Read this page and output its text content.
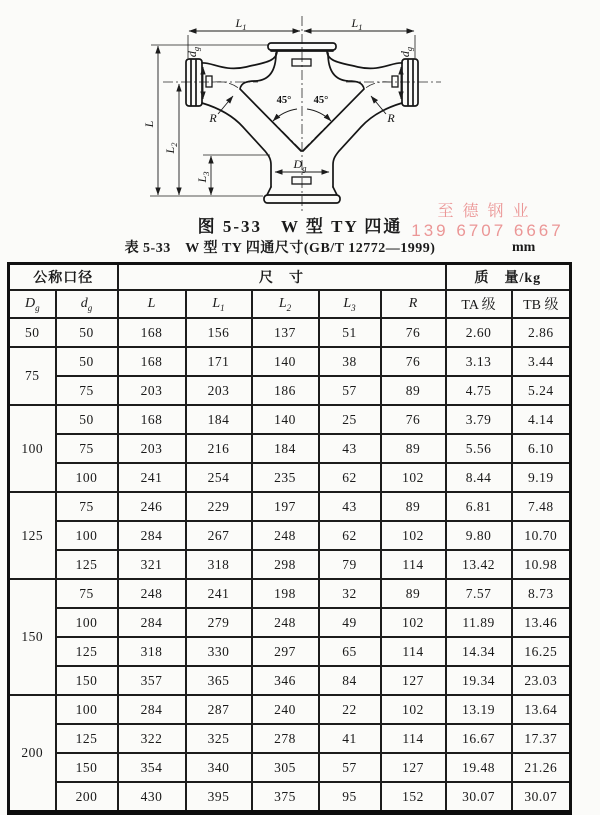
$L_1$	$L_1$
L
$L_2$
$L_3$
$d_g$
$d_g$
$D_g$
R	R
45° 45°
图 5-33　W 型 TY 四通
表 5-33　W 型 TY 四通尺寸(GB/T 12772—1999)	mm
至德钢业
139 6707 6667
公称口径		尺　寸					质　量/kg	
$D_g$	$d_g$	L	$L_1$	$L_2$	$L_3$	R	TA 级	TB 级
50	50	168	156	137	51	76	2.60	2.86
75	50	168	171	140	38	76	3.13	3.44
	75	203	203	186	57	89	4.75	5.24
100	50	168	184	140	25	76	3.79	4.14
	75	203	216	184	43	89	5.56	6.10
	100	241	254	235	62	102	8.44	9.19
125	75	246	229	197	43	89	6.81	7.48
	100	284	267	248	62	102	9.80	10.70
	125	321	318	298	79	114	13.42	10.98
150	75	248	241	198	32	89	7.57	8.73
	100	284	279	248	49	102	11.89	13.46
	125	318	330	297	65	114	14.34	16.25
	150	357	365	346	84	127	19.34	23.03
200	100	284	287	240	22	102	13.19	13.64
	125	322	325	278	41	114	16.67	17.37
	150	354	340	305	57	127	19.48	21.26
	200	430	395	375	95	152	30.07	30.07
